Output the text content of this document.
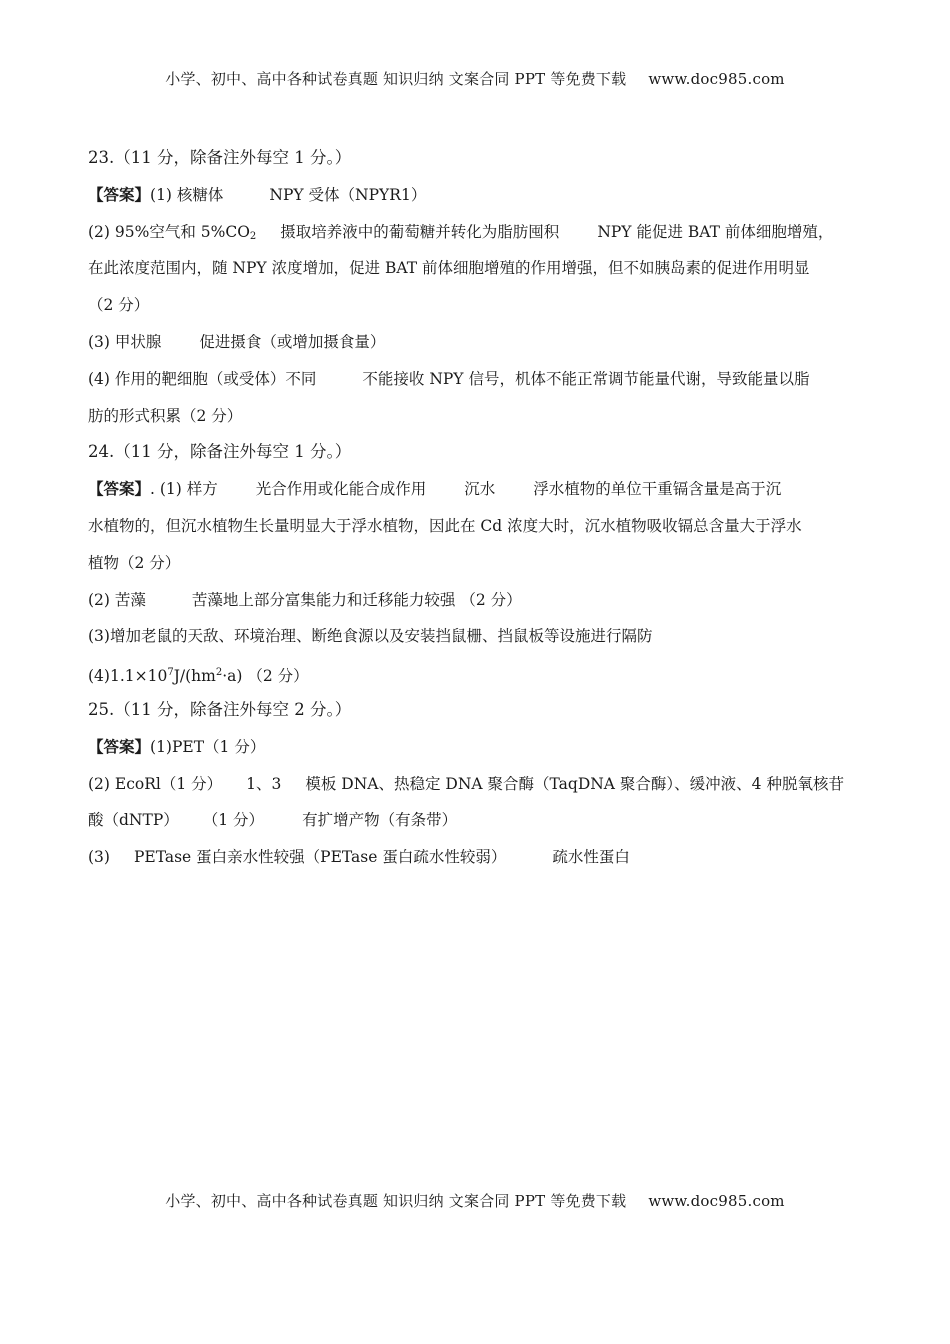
小学、初中、高中各种试卷真题 知识归纳 文案合同 PPT 等免费下载 www.doc985.com
23.（11 分，除备注外每空 1 分。）
【答案】(1) 核糖体	NPY 受体（NPYR1）
(2) 95%空气和 $5\%CO_2$ 摄取培养液中的葡萄糖并转化为脂肪囤积 NPY 能促进 BAT 前体细胞增殖，
在此浓度范围内，随 NPY 浓度增加，促进 BAT 前体细胞增殖的作用增强，但不如胰岛素的促进作用明显
（2 分）
(3) 甲状腺 促进摄食（或增加摄食量）
(4) 作用的靶细胞（或受体）不同	不能接收 NPY 信号，机体不能正常调节能量代谢，导致能量以脂
肪的形式积累（2 分）
24.（11 分，除备注外每空 1 分。）
【答案】. (1) 样方 光合作用或化能合成作用 沉水 浮水植物的单位干重镉含量是高于沉
水植物的，但沉水植物生长量明显大于浮水植物，因此在 Cd 浓度大时，沉水植物吸收镉总含量大于浮水
植物（2 分）
(2) 苦藻	苦藻地上部分富集能力和迁移能力较强 （2 分）
(3)增加老鼠的天敌、环境治理、断绝食源以及安装挡鼠栅、挡鼠板等设施进行隔防
$(4)1.1\times 10^7J/(hm^2\cdot a)$ （2 分）
25.（11 分，除备注外每空 2 分。）
【答案】(1)PET（1 分）
(2) EcoRl（1 分） 1、3 模板 DNA、热稳定 DNA 聚合酶（TaqDNA 聚合酶）、缓冲液、4 种脱氧核苷
酸（dNTP） （1 分） 有扩增产物（有条带）
(3) PETase 蛋白亲水性较强（PETase 蛋白疏水性较弱）	疏水性蛋白
小学、初中、高中各种试卷真题 知识归纳 文案合同 PPT 等免费下载 www.doc985.com
